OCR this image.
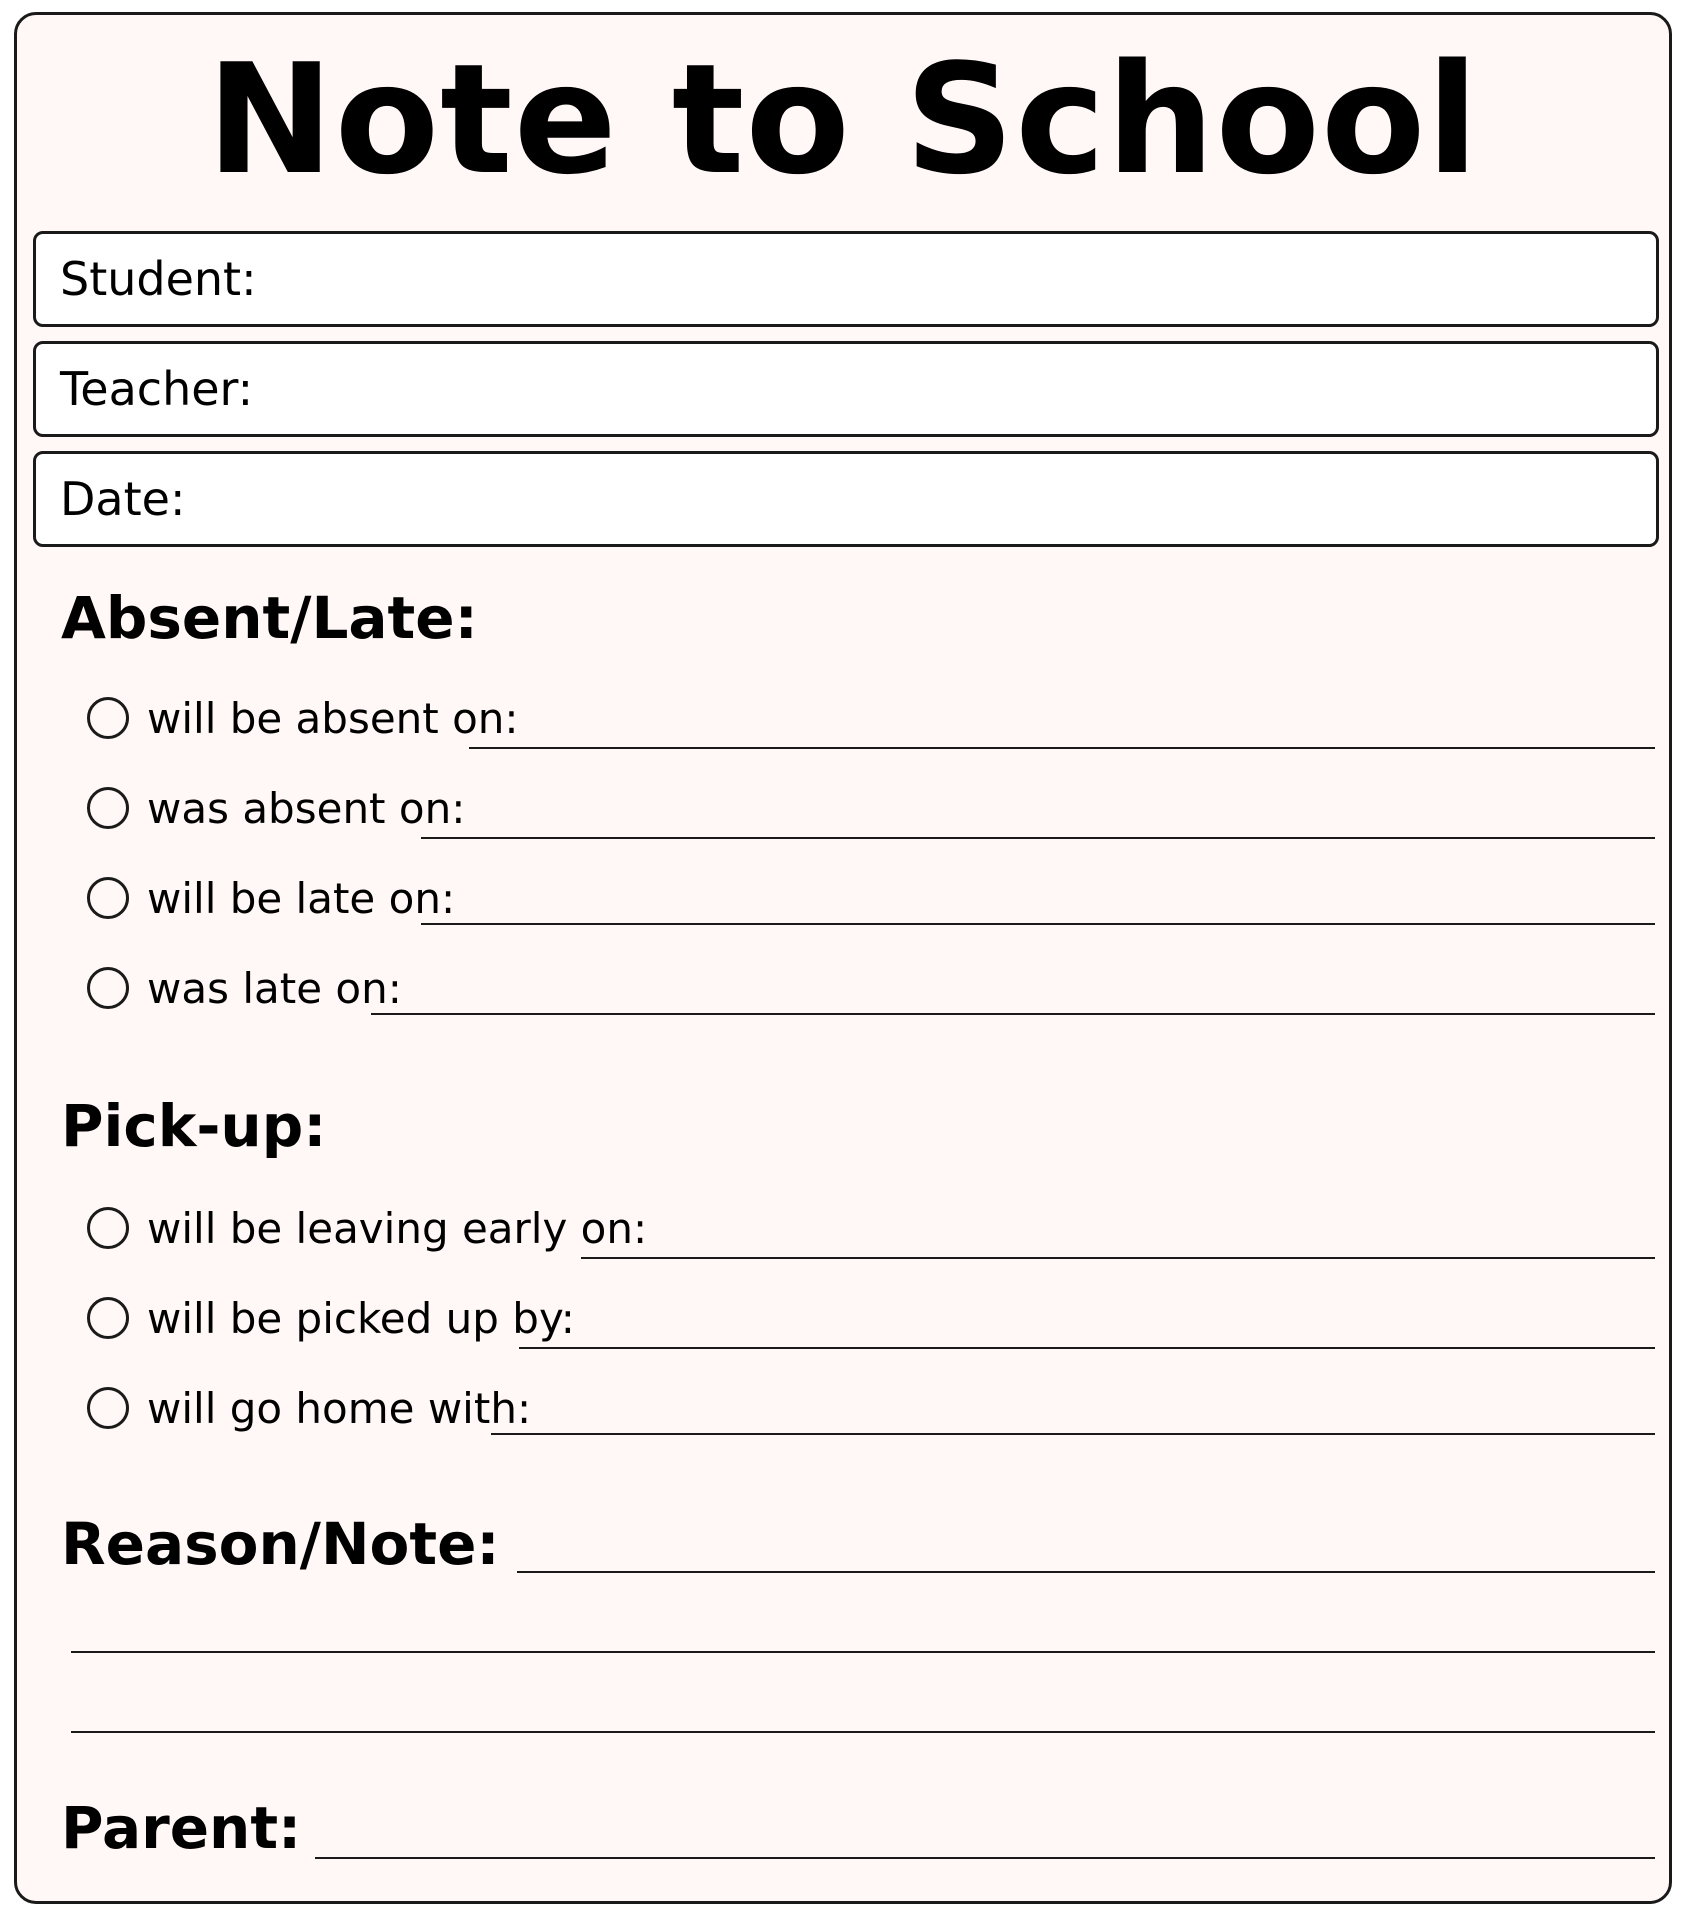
Note to School
Student:
Teacher:
Date:
Absent/Late:
will be absent on:
was absent on:
will be late on:
was late on:
Pick-up:
will be leaving early on:
will be picked up by:
will go home with:
Reason/Note:
Parent:
